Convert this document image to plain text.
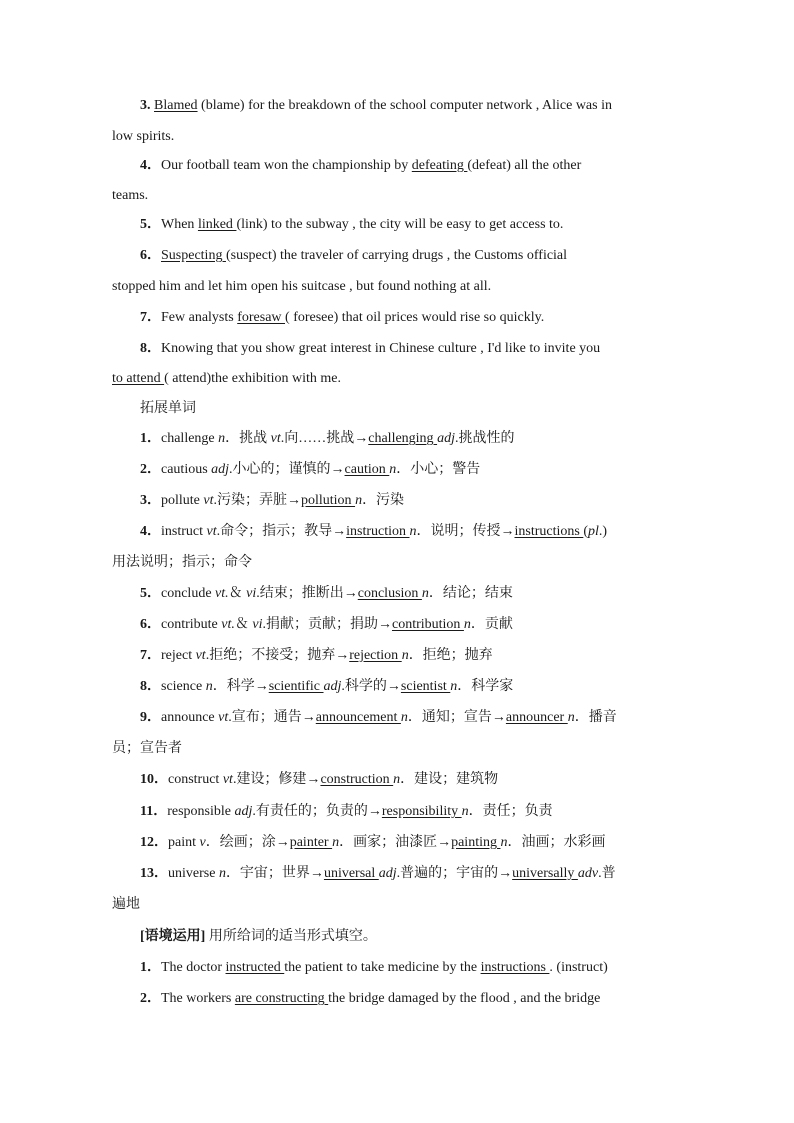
3. Blamed (blame) for the breakdown of the school computer network , Alice was in
low spirits.
4．Our football team won the championship by defeating (defeat) all the other
teams.
5．When linked (link) to the subway , the city will be easy to get access to.
6．Suspecting (suspect) the traveler of carrying drugs , the Customs official
stopped him and let him open his suitcase , but found nothing at all.
7．Few analysts foresaw ( foresee) that oil prices would rise so quickly.
8．Knowing that you show great interest in Chinese culture , I'd like to invite you
to attend ( attend)the exhibition with me.
拓展单词
1．challenge n．挑战 vt.向……挑战→challenging adj.挑战性的
2．cautious adj.小心的；谨慎的→caution n．小心；警告
3．pollute vt.污染；弄脏→pollution n．污染
4．instruct vt.命令；指示；教导→instruction n．说明；传授→instructions (pl.)
用法说明；指示；命令
5．conclude vt.＆ vi.结束；推断出→conclusion n．结论；结束
6．contribute vt.＆ vi.捐献；贡献；捐助→contribution n．贡献
7．reject vt.拒绝；不接受；抛弃→rejection n．拒绝；抛弃
8．science n．科学→scientific adj.科学的→scientist n．科学家
9．announce vt.宣布；通告→announcement n．通知；宣告→announcer n．播音
员；宣告者
10．construct vt.建设；修建→construction n．建设；建筑物
11．responsible adj.有责任的；负责的→responsibility n．责任；负责
12．paint v．绘画；涂→painter n．画家；油漆匠→painting n．油画；水彩画
13．universe n．宇宙；世界→universal adj.普遍的；宇宙的→universally adv.普
遍地
[语境运用] 用所给词的适当形式填空。
1．The doctor instructed the patient to take medicine by the instructions . (instruct)
2．The workers are constructing the bridge damaged by the flood , and the bridge
